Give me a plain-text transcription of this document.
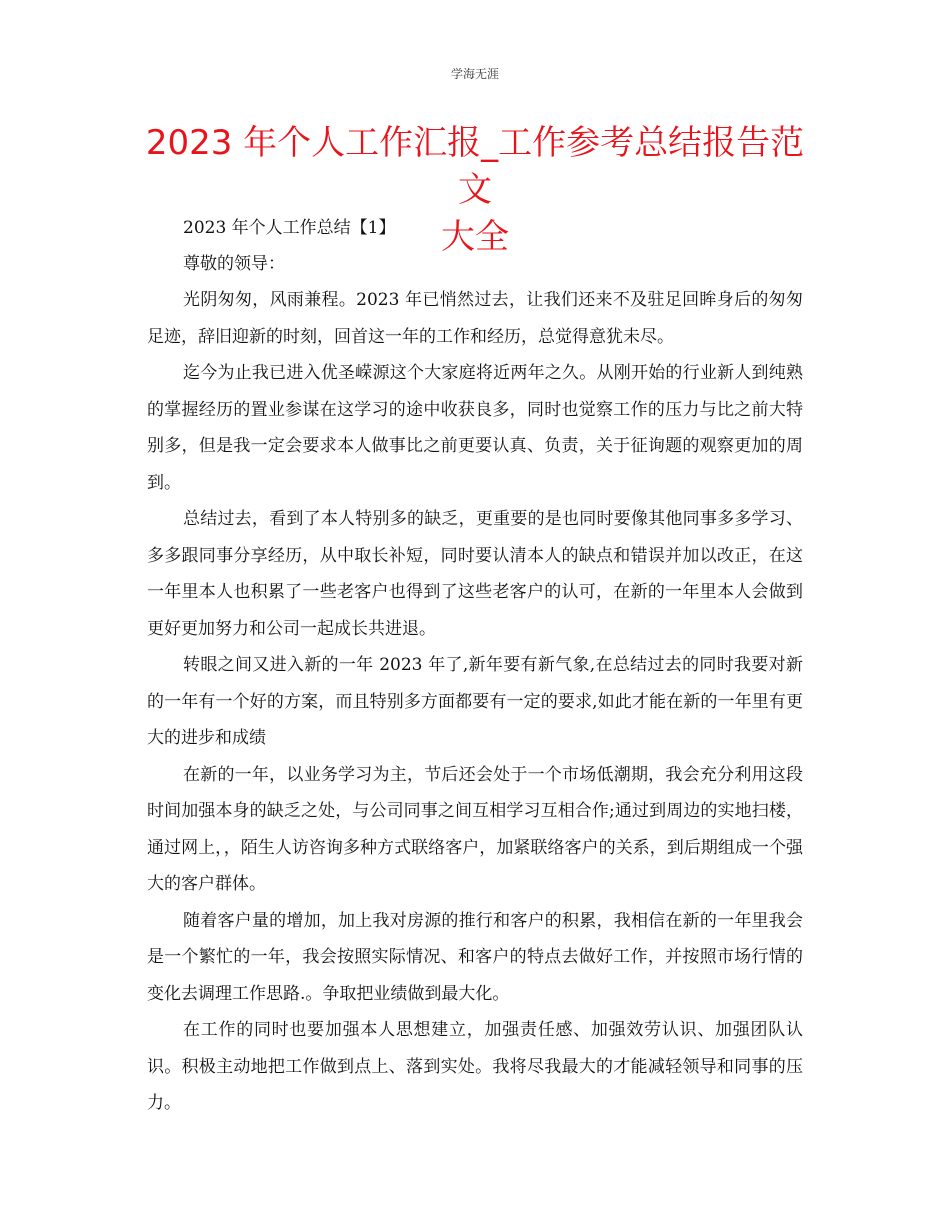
学海无涯
2023 年个人工作汇报_工作参考总结报告范文
大全

2023 年个人工作总结【1】

尊敬的领导：

光阴匆匆，风雨兼程。2023 年已悄然过去，让我们还来不及驻足回眸身后的匆匆足迹，辞旧迎新的时刻，回首这一年的工作和经历，总觉得意犹未尽。

迄今为止我已进入优圣嵘源这个大家庭将近两年之久。从刚开始的行业新人到纯熟的掌握经历的置业参谋在这学习的途中收获良多，同时也觉察工作的压力与比之前大特别多，但是我一定会要求本人做事比之前更要认真、负责，关于征询题的观察更加的周到。

总结过去，看到了本人特别多的缺乏，更重要的是也同时要像其他同事多多学习、多多跟同事分享经历，从中取长补短，同时要认清本人的缺点和错误并加以改正，在这一年里本人也积累了一些老客户也得到了这些老客户的认可，在新的一年里本人会做到更好更加努力和公司一起成长共进退。

转眼之间又进入新的一年 2023 年了,新年要有新气象,在总结过去的同时我要对新的一年有一个好的方案，而且特别多方面都要有一定的要求,如此才能在新的一年里有更大的进步和成绩

在新的一年，以业务学习为主，节后还会处于一个市场低潮期，我会充分利用这段时间加强本身的缺乏之处，与公司同事之间互相学习互相合作;通过到周边的实地扫楼，通过网上，，陌生人访咨询多种方式联络客户，加紧联络客户的关系，到后期组成一个强大的客户群体。

随着客户量的增加，加上我对房源的推行和客户的积累，我相信在新的一年里我会是一个繁忙的一年，我会按照实际情况、和客户的特点去做好工作，并按照市场行情的变化去调理工作思路.。争取把业绩做到最大化。

在工作的同时也要加强本人思想建立，加强责任感、加强效劳认识、加强团队认识。积极主动地把工作做到点上、落到实处。我将尽我最大的才能减轻领导和同事的压力。
